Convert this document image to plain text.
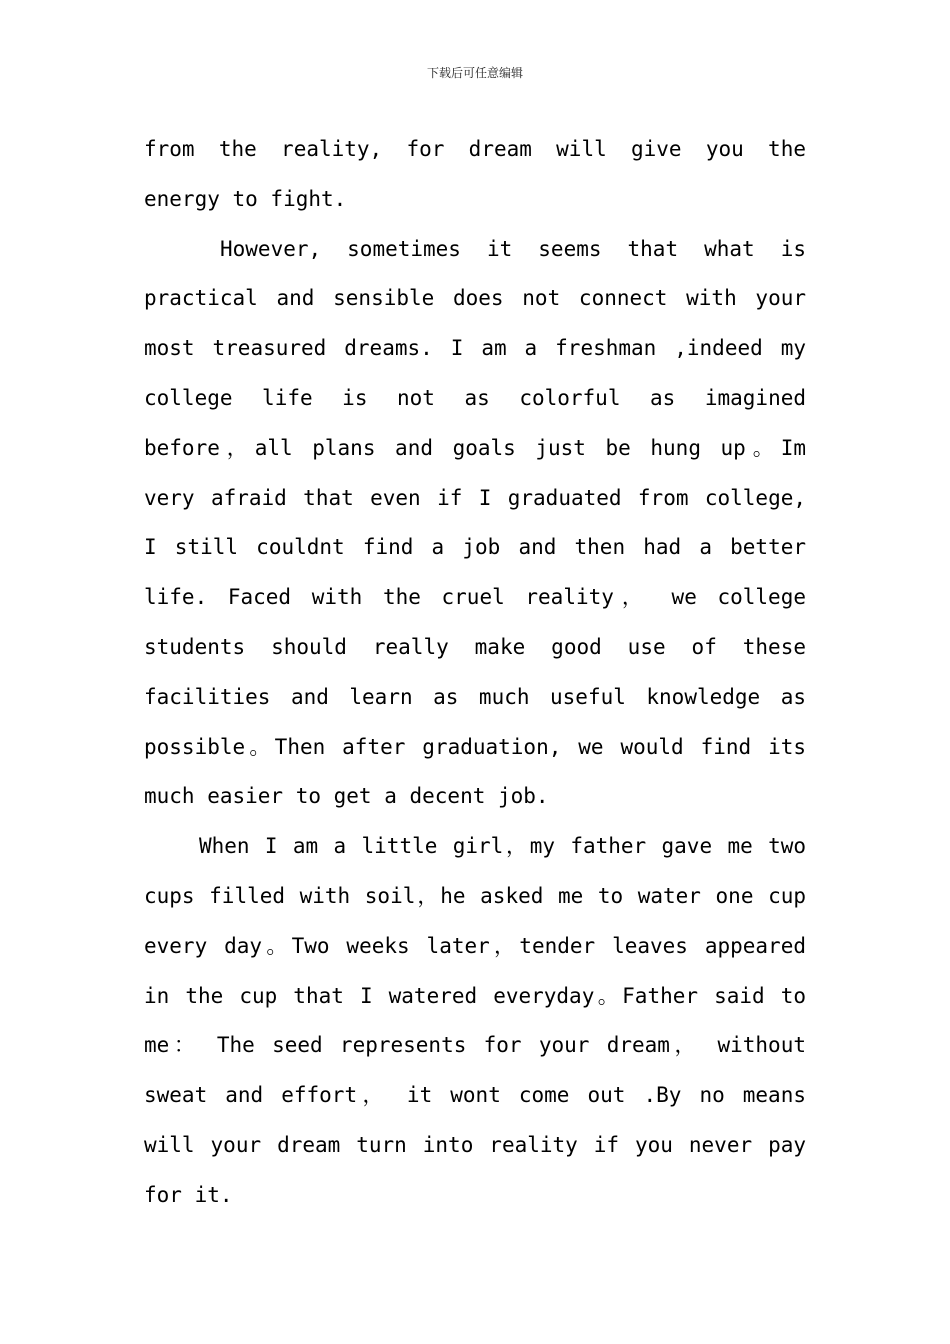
下载后可任意编辑
from the reality, for dream will give you the
energy to fight.
However, sometimes it seems that what is
practical and sensible does not connect with your
most treasured dreams. I am a freshman ,indeed my
college life is not as colorful as imagined
before，all plans and goals just be hung up。Im
very afraid that even if I graduated from college,
I still couldnt find a job and then had a better
life. Faced with the cruel reality， we college
students should really make good use of these
facilities and learn as much useful knowledge as
possible。Then after graduation, we would find its
much easier to get a decent job.
When I am a little girl，my father gave me two
cups filled with soil，he asked me to water one cup
every day。Two weeks later，tender leaves appeared
in the cup that I watered everyday。Father said to
me： The seed represents for your dream， without
sweat and effort， it wont come out .By no means
will your dream turn into reality if you never pay
for it.
